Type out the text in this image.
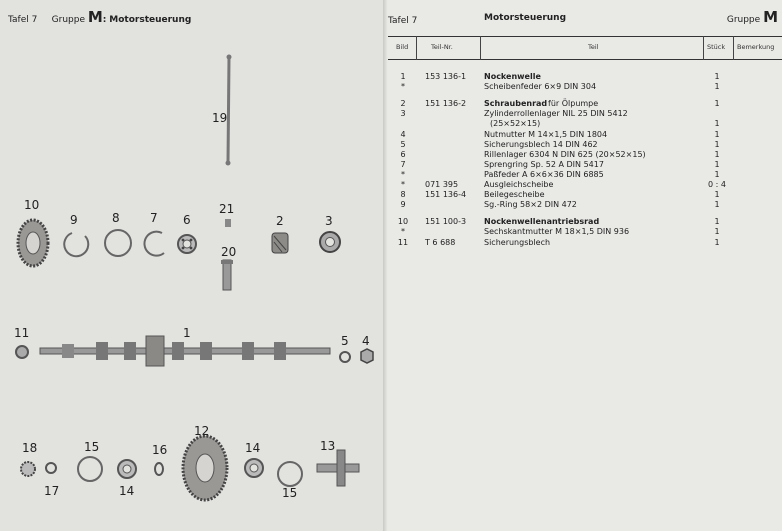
Tafel 7 Gruppe M: Motorsteuerung
19
10
9	8	7 6
21
2	3
20
11	1
5 4
18	15	16
12
14	13
17	14	15
Tafel 7	Motorsteuerung	Gruppe M
Bild	Teil-Nr.	Teil	Stück Bemerkung
1	153 136-1 Nockenwelle	1
*	Scheibenfeder 6×9 DIN 304	1
2	151 136-2 Schraubenrad für Ölpumpe	1
3	Zylinderrollenlager NIL 25 DIN 5412
(25×52×15)	1
4	Nutmutter M 14×1,5 DIN 1804	1
5	Sicherungsblech 14 DIN 462	1
6	Rillenlager 6304 N DIN 625 (20×52×15)	1
7	Sprengring Sp. 52 A DIN 5417	1
*	Paßfeder A 6×6×36 DIN 6885	1
*	071 395	Ausgleichscheibe	0 : 4
8	151 136-4 Beilegescheibe	1
9	Sg.-Ring 58×2 DIN 472	1
10	151 100-3 Nockenwellenantriebsrad	1
*	Sechskantmutter M 18×1,5 DIN 936	1
11	T 6 688	Sicherungsblech	1
